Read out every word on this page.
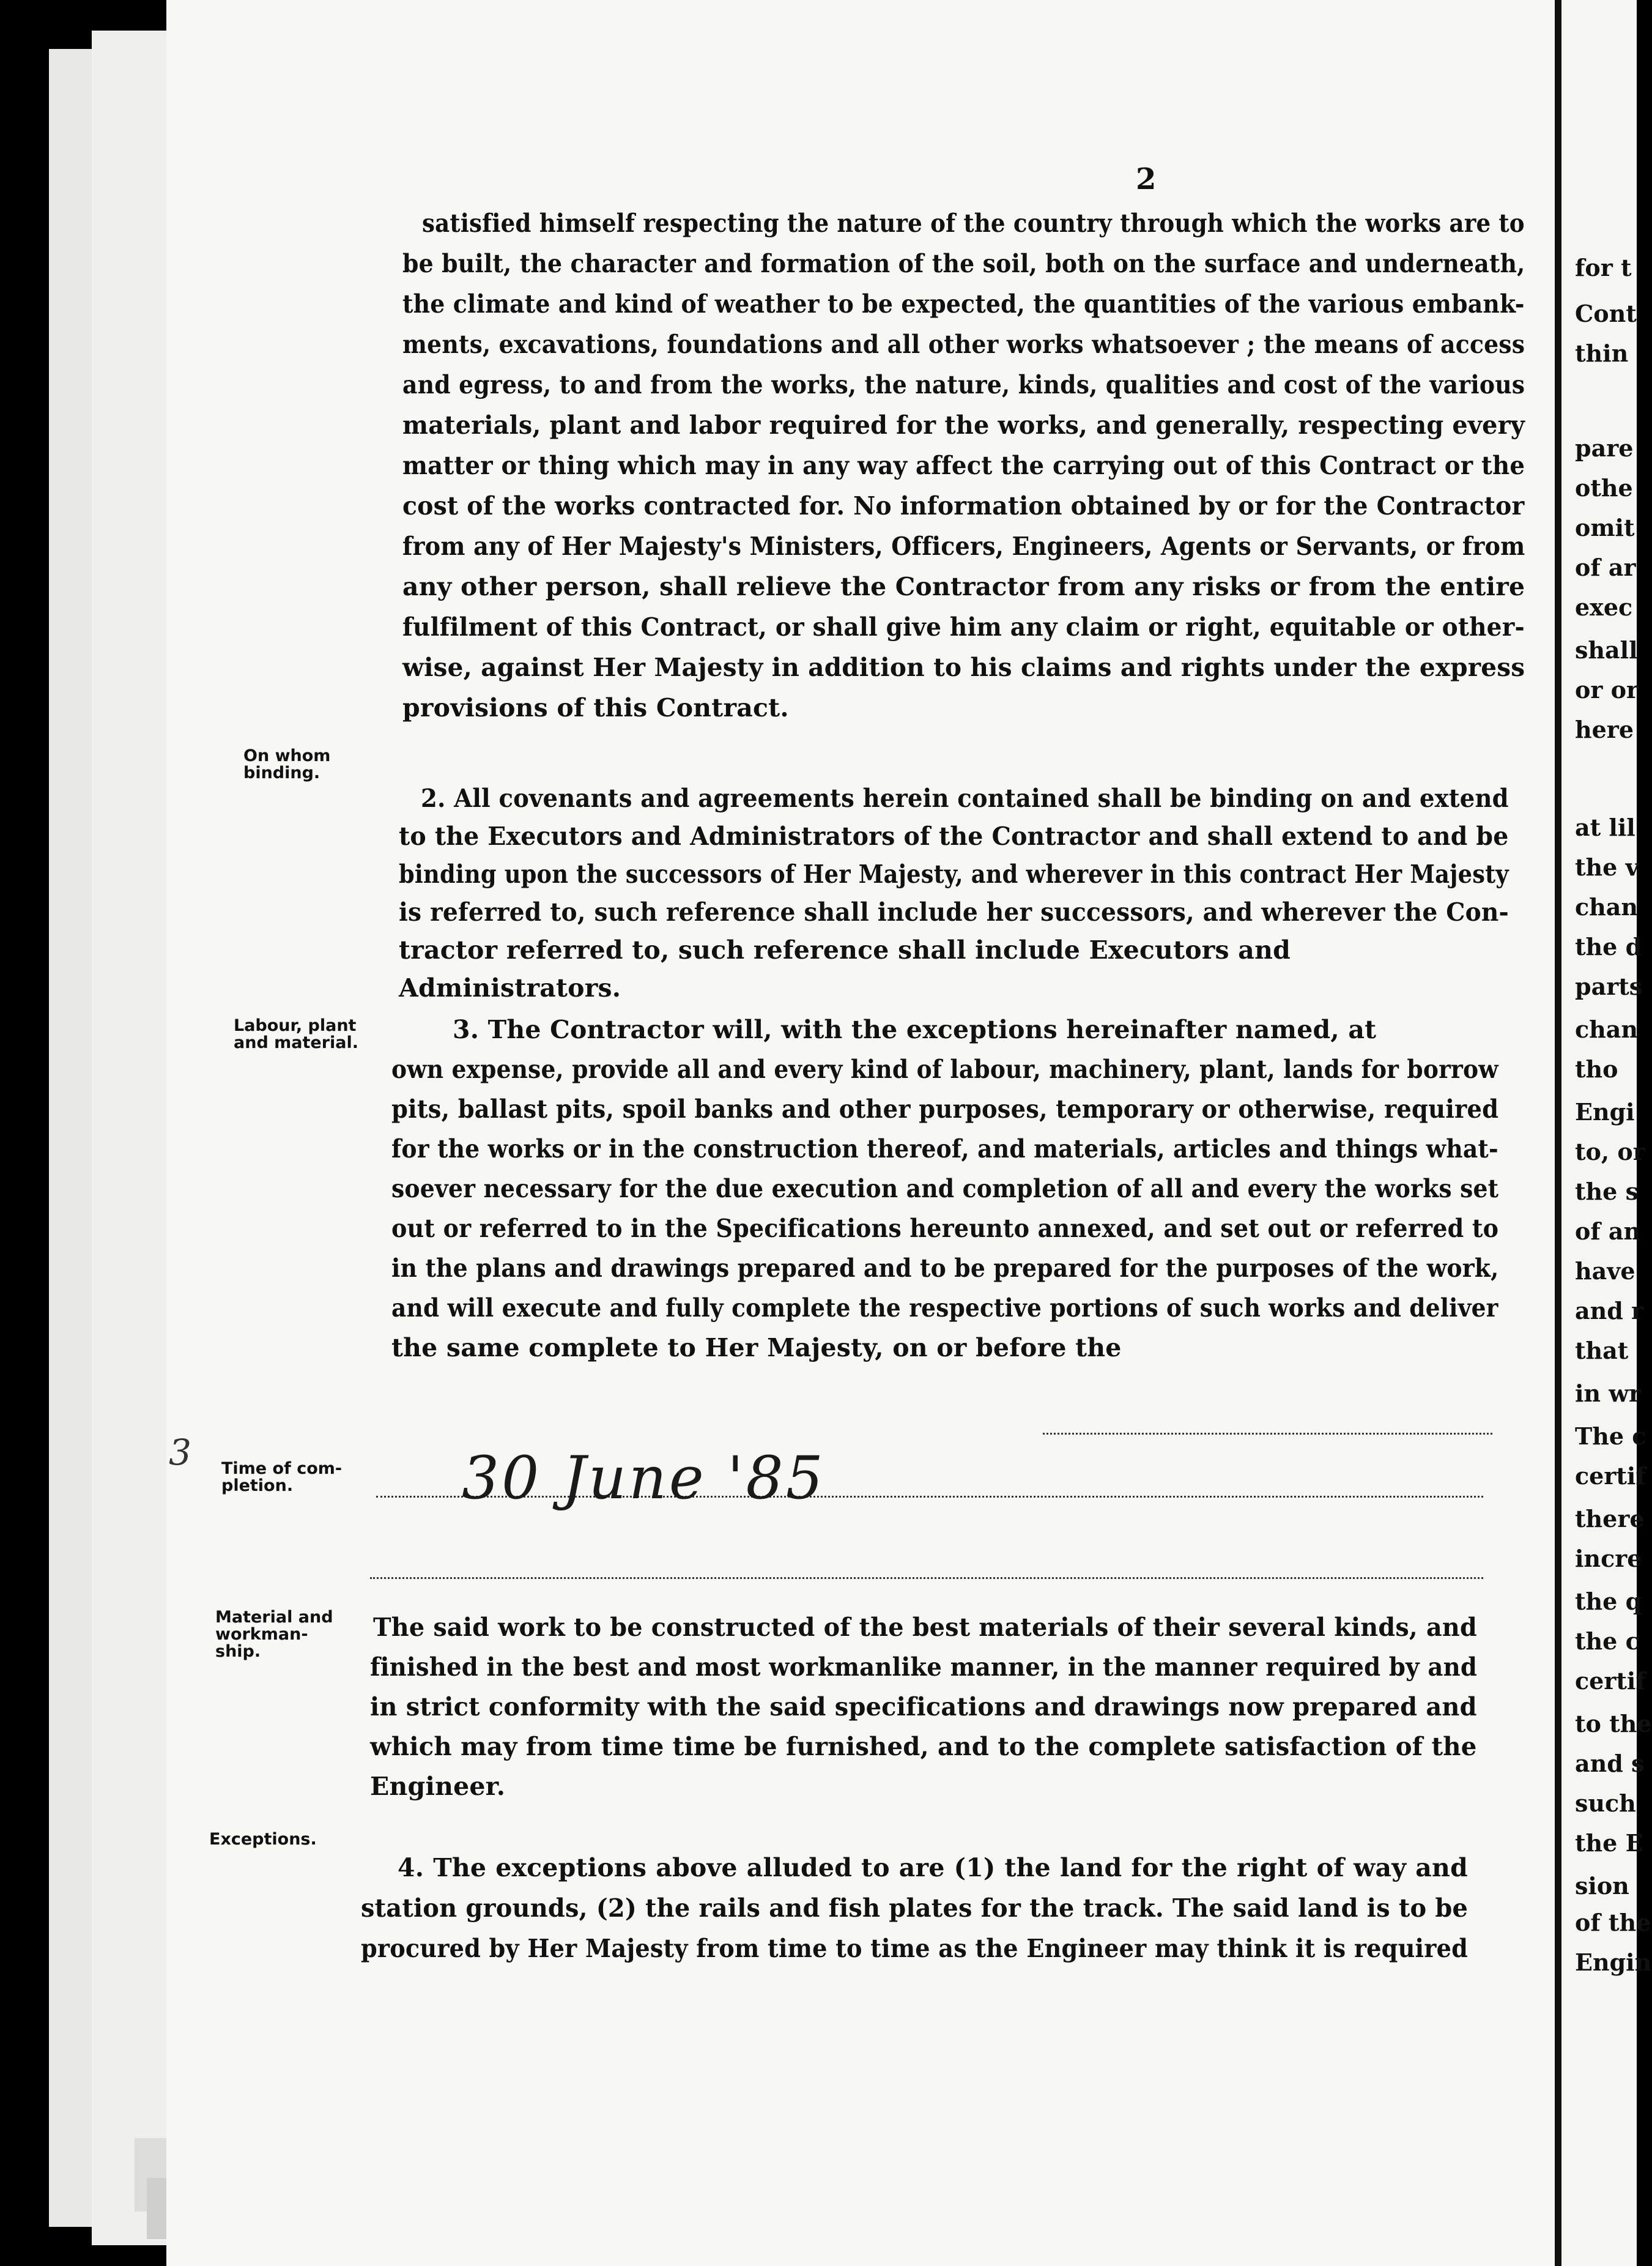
2
satisfied himself respecting the nature of the country through which the works are to
be built, the character and formation of the soil, both on the surface and underneath,
the climate and kind of weather to be expected, the quantities of the various embank-
ments, excavations, foundations and all other works whatsoever ; the means of access
and egress, to and from the works, the nature, kinds, qualities and cost of the various
materials, plant and labor required for the works, and generally, respecting every
matter or thing which may in any way affect the carrying out of this Contract or the
cost of the works contracted for. No information obtained by or for the Contractor
from any of Her Majesty's Ministers, Officers, Engineers, Agents or Servants, or from
any other person, shall relieve the Contractor from any risks or from the entire
fulfilment of this Contract, or shall give him any claim or right, equitable or other-
wise, against Her Majesty in addition to his claims and rights under the express
provisions of this Contract.
2. All covenants and agreements herein contained shall be binding on and extend
to the Executors and Administrators of the Contractor and shall extend to and be
binding upon the successors of Her Majesty, and wherever in this contract Her Majesty
is referred to, such reference shall include her successors, and wherever the Con-
tractor referred to, such reference shall include Executors and
Administrators.
3. The Contractor will, with the exceptions hereinafter named, at
own expense, provide all and every kind of labour, machinery, plant, lands for borrow
pits, ballast pits, spoil banks and other purposes, temporary or otherwise, required
for the works or in the construction thereof, and materials, articles and things what-
soever necessary for the due execution and completion of all and every the works set
out or referred to in the Specifications hereunto annexed, and set out or referred to
in the plans and drawings prepared and to be prepared for the purposes of the work,
and will execute and fully complete the respective portions of such works and deliver
the same complete to Her Majesty, on or before the
The said work to be constructed of the best materials of their several kinds, and
finished in the best and most workmanlike manner, in the manner required by and
in strict conformity with the said specifications and drawings now prepared and
which may from time time be furnished, and to the complete satisfaction of the
Engineer.
4. The exceptions above alluded to are (1) the land for the right of way and
station grounds, (2) the rails and fish plates for the track. The said land is to be
procured by Her Majesty from time to time as the Engineer may think it is required
On whom
binding.
Labour, plant
and material.
Time of com-
pletion.
Material and
workman-
ship.
Exceptions.
30 June '85
3
for t
Cont
thin
pare
othe
omit
of ar
exec
shall
or or
here
at lil
the v
chan
the d
parts
chan
tho
Engi
to, or
the s
of an
have
and r
that
in wr
The c
certif
there
incre
the q
the c
certif
to the
and s
such
the E
sion
of the
Engin
